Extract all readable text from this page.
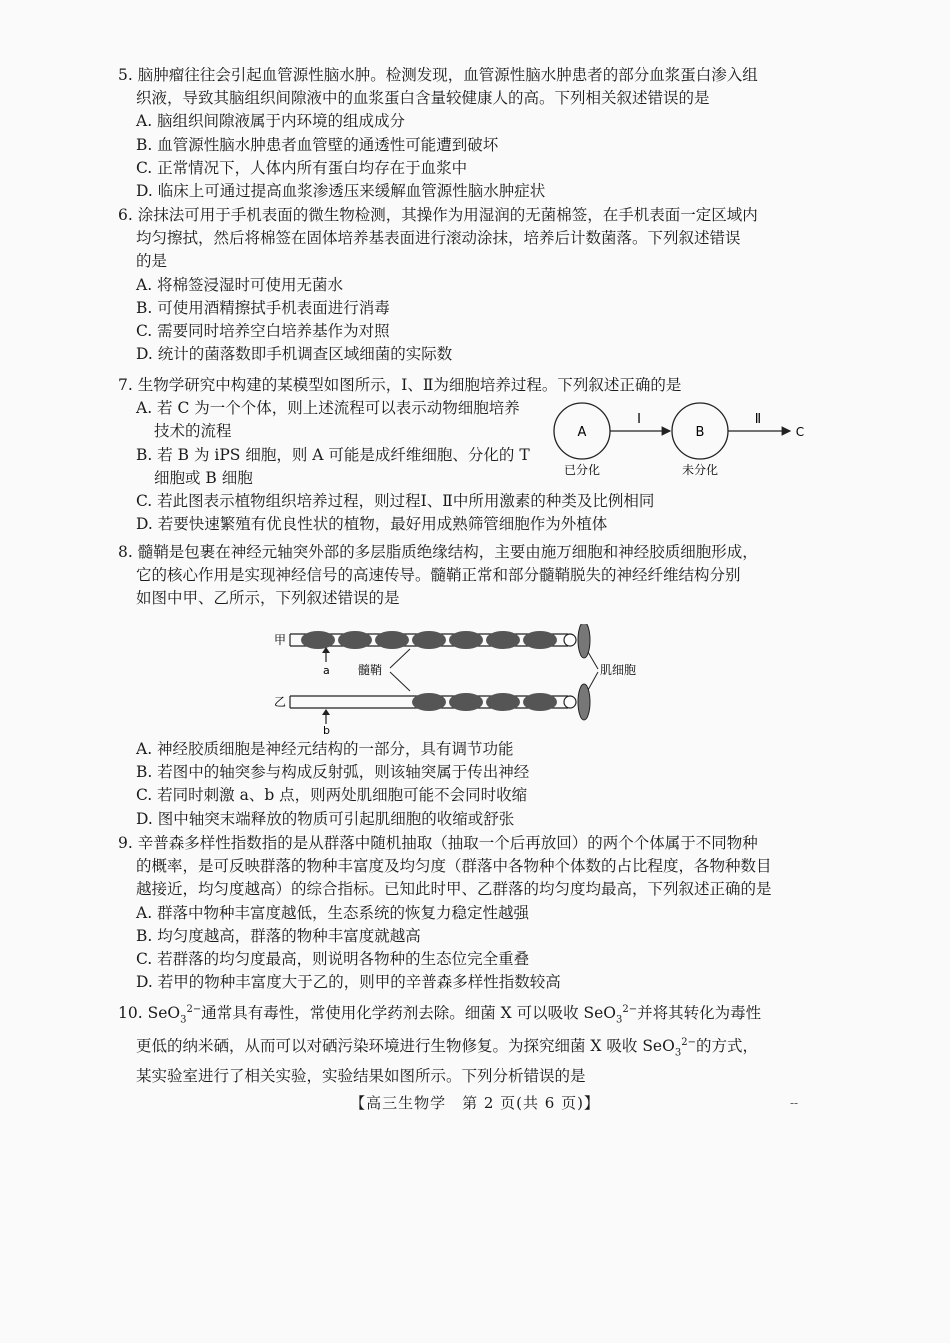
5. 脑肿瘤往往会引起血管源性脑水肿。检测发现，血管源性脑水肿患者的部分血浆蛋白渗入组
织液，导致其脑组织间隙液中的血浆蛋白含量较健康人的高。下列相关叙述错误的是
A. 脑组织间隙液属于内环境的组成成分
B. 血管源性脑水肿患者血管壁的通透性可能遭到破坏
C. 正常情况下，人体内所有蛋白均存在于血浆中
D. 临床上可通过提高血浆渗透压来缓解血管源性脑水肿症状
6. 涂抹法可用于手机表面的微生物检测，其操作为用湿润的无菌棉签，在手机表面一定区域内
均匀擦拭，然后将棉签在固体培养基表面进行滚动涂抹，培养后计数菌落。下列叙述错误
的是
A. 将棉签浸湿时可使用无菌水
B. 可使用酒精擦拭手机表面进行消毒
C. 需要同时培养空白培养基作为对照
D. 统计的菌落数即手机调查区域细菌的实际数
7. 生物学研究中构建的某模型如图所示，Ⅰ、Ⅱ为细胞培养过程。下列叙述正确的是
A. 若 C 为一个个体，则上述流程可以表示动物细胞培养
技术的流程
B. 若 B 为 iPS 细胞，则 A 可能是成纤维细胞、分化的 T
细胞或 B 细胞
C. 若此图表示植物组织培养过程，则过程Ⅰ、Ⅱ中所用激素的种类及比例相同
D. 若要快速繁殖有优良性状的植物，最好用成熟筛管细胞作为外植体
A
Ⅰ
B
Ⅱ
C
已分化	未分化
8. 髓鞘是包裹在神经元轴突外部的多层脂质绝缘结构，主要由施万细胞和神经胶质细胞形成，
它的核心作用是实现神经信号的高速传导。髓鞘正常和部分髓鞘脱失的神经纤维结构分别
如图中甲、乙所示，下列叙述错误的是
甲
a 髓鞘	肌细胞
乙
b
A. 神经胶质细胞是神经元结构的一部分，具有调节功能
B. 若图中的轴突参与构成反射弧，则该轴突属于传出神经
C. 若同时刺激 a、b 点，则两处肌细胞可能不会同时收缩
D. 图中轴突末端释放的物质可引起肌细胞的收缩或舒张
9. 辛普森多样性指数指的是从群落中随机抽取（抽取一个后再放回）的两个个体属于不同物种
的概率，是可反映群落的物种丰富度及均匀度（群落中各物种个体数的占比程度，各物种数目
越接近，均匀度越高）的综合指标。已知此时甲、乙群落的均匀度均最高，下列叙述正确的是
A. 群落中物种丰富度越低，生态系统的恢复力稳定性越强
B. 均匀度越高，群落的物种丰富度就越高
C. 若群落的均匀度最高，则说明各物种的生态位完全重叠
D. 若甲的物种丰富度大于乙的，则甲的辛普森多样性指数较高
10. SeO$_3^{2-}$通常具有毒性，常使用化学药剂去除。细菌 X 可以吸收 SeO$_3^{2-}$并将其转化为毒性
更低的纳米硒，从而可以对硒污染环境进行生物修复。为探究细菌 X 吸收 SeO$_3^{2-}$的方式，
某实验室进行了相关实验，实验结果如图所示。下列分析错误的是
【高三生物学　第 2 页(共 6 页)】	--
